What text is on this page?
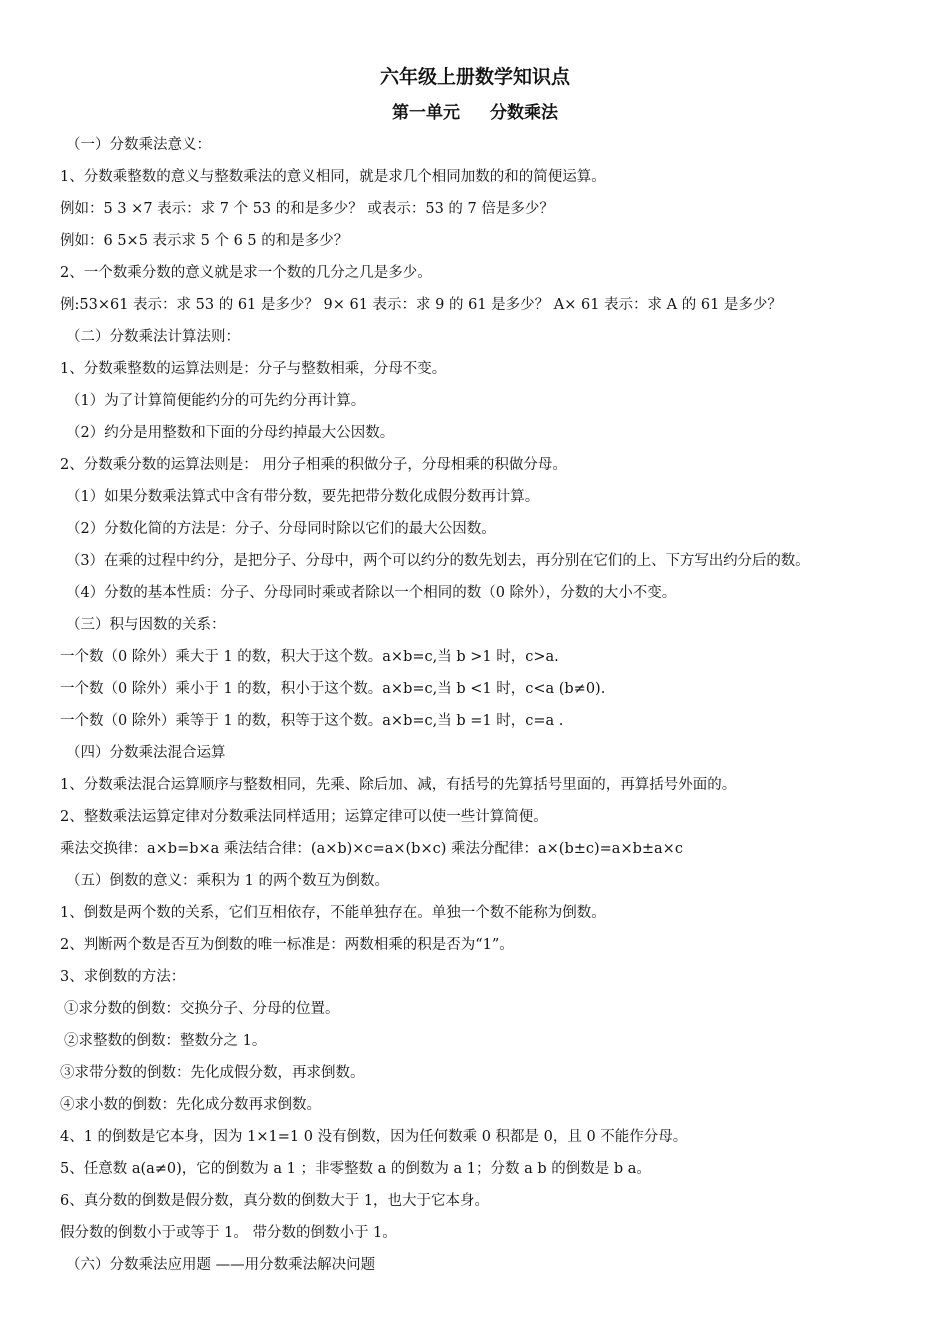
六年级上册数学知识点
第一单元 分数乘法
（一）分数乘法意义：
1、分数乘整数的意义与整数乘法的意义相同，就是求几个相同加数的和的简便运算。
例如：5 3 ×7 表示：求 7 个 53 的和是多少？ 或表示：53 的 7 倍是多少？
例如：6 5×5 表示求 5 个 6 5 的和是多少？
2、一个数乘分数的意义就是求一个数的几分之几是多少。
例:53×61 表示：求 53 的 61 是多少？ 9× 61 表示：求 9 的 61 是多少？ A× 61 表示：求 A 的 61 是多少？
（二）分数乘法计算法则：
1、分数乘整数的运算法则是：分子与整数相乘，分母不变。
（1）为了计算简便能约分的可先约分再计算。
（2）约分是用整数和下面的分母约掉最大公因数。
2、分数乘分数的运算法则是： 用分子相乘的积做分子，分母相乘的积做分母。
（1）如果分数乘法算式中含有带分数，要先把带分数化成假分数再计算。
（2）分数化简的方法是：分子、分母同时除以它们的最大公因数。
（3）在乘的过程中约分，是把分子、分母中，两个可以约分的数先划去，再分别在它们的上、下方写出约分后的数。
（4）分数的基本性质：分子、分母同时乘或者除以一个相同的数（0 除外），分数的大小不变。
（三）积与因数的关系：
一个数（0 除外）乘大于 1 的数，积大于这个数。a×b=c,当 b >1 时，c>a.
一个数（0 除外）乘小于 1 的数，积小于这个数。a×b=c,当 b <1 时，c<a (b≠0).
一个数（0 除外）乘等于 1 的数，积等于这个数。a×b=c,当 b =1 时，c=a .
（四）分数乘法混合运算
1、分数乘法混合运算顺序与整数相同，先乘、除后加、减，有括号的先算括号里面的，再算括号外面的。
2、整数乘法运算定律对分数乘法同样适用；运算定律可以使一些计算简便。
乘法交换律：a×b=b×a 乘法结合律：(a×b)×c=a×(b×c) 乘法分配律：a×(b±c)=a×b±a×c
（五）倒数的意义：乘积为 1 的两个数互为倒数。
1、倒数是两个数的关系，它们互相依存，不能单独存在。单独一个数不能称为倒数。
2、判断两个数是否互为倒数的唯一标准是：两数相乘的积是否为“1”。
3、求倒数的方法：
①求分数的倒数：交换分子、分母的位置。
②求整数的倒数：整数分之 1。
③求带分数的倒数：先化成假分数，再求倒数。
④求小数的倒数：先化成分数再求倒数。
4、1 的倒数是它本身，因为 1×1=1 0 没有倒数，因为任何数乘 0 积都是 0，且 0 不能作分母。
5、任意数 a(a≠0)，它的倒数为 a 1 ；非零整数 a 的倒数为 a 1；分数 a b 的倒数是 b a。
6、真分数的倒数是假分数，真分数的倒数大于 1，也大于它本身。
假分数的倒数小于或等于 1。 带分数的倒数小于 1。
（六）分数乘法应用题 ——用分数乘法解决问题
